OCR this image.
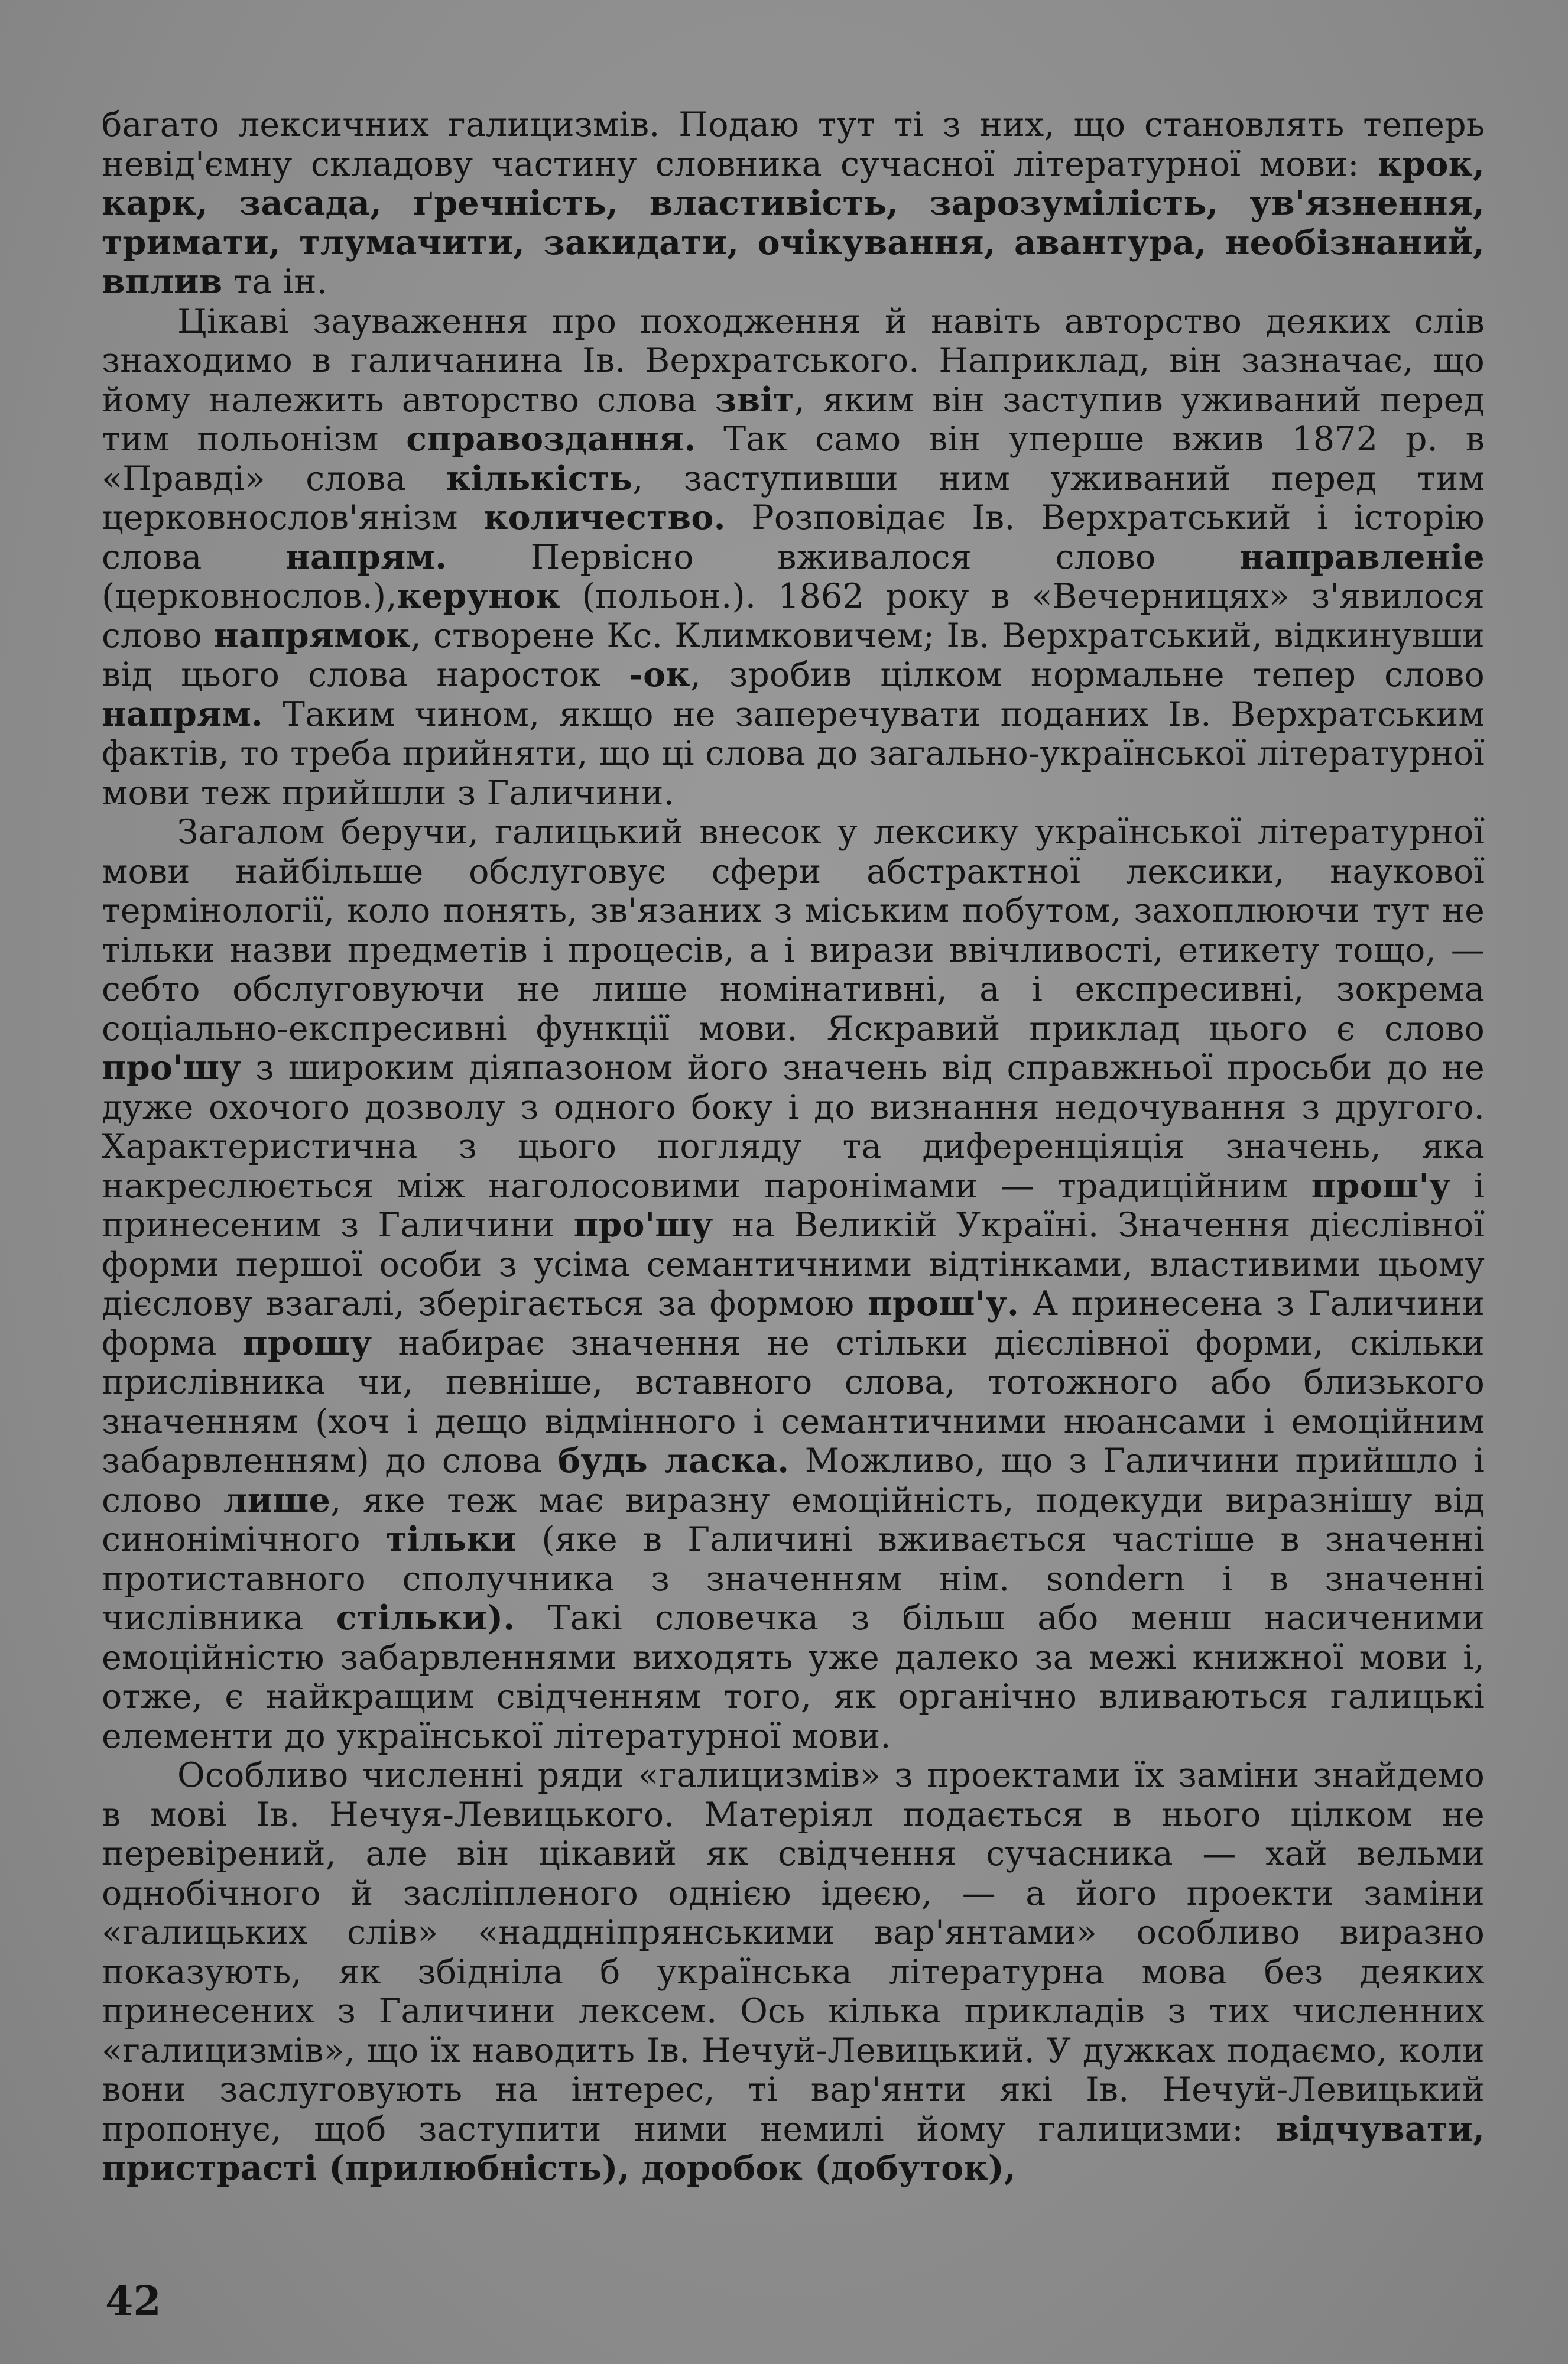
багато лексичних галицизмів. Подаю тут ті з них, що становлять теперь невід'ємну складову частину словника сучасної літературної мови: крок, карк, засада, ґречність, властивість, зарозумілість, ув'язнення, тримати, тлумачити, закидати, очікування, авантура, необізнаний, вплив та ін.

Цікаві зауваження про походження й навіть авторство деяких слів знаходимо в галичанина Ів. Верхратського. Наприклад, він зазначає, що йому належить авторство слова звіт, яким він заступив уживаний перед тим польонізм справоздання. Так само він уперше вжив 1872 р. в «Правді» слова кількість, заступивши ним уживаний перед тим церковнослов'янізм количество. Розповідає Ів. Верхратський і історію слова напрям. Первісно вживалося слово направленіе (церковнослов.),керунок (польон.). 1862 року в «Вечерницях» з'явилося слово напрямок, створене Кс. Климковичем; Ів. Верхратський, відкинувши від цього слова наросток -ок, зробив цілком нормальне тепер слово напрям. Таким чином, якщо не заперечувати поданих Ів. Верхратським фактів, то треба прийняти, що ці слова до загально-української літературної мови теж прийшли з Галичини.

Загалом беручи, галицький внесок у лексику української літературної мови найбільше обслуговує сфери абстрактної лексики, наукової термінології, коло понять, зв'язаних з міським побутом, захоплюючи тут не тільки назви предметів і процесів, а і вирази ввічливості, етикету тощо, — себто обслуговуючи не лише номінативні, а і експресивні, зокрема соціально-експресивні функції мови. Яскравий приклад цього є слово про'шу з широким діяпазоном його значень від справжньої просьби до не дуже охочого дозволу з одного боку і до визнання недочування з другого. Характеристична з цього погляду та диференціяція значень, яка накреслюється між наголосовими паронімами — традиційним прош'у і принесеним з Галичини про'шу на Великій Україні. Значення дієслівної форми першої особи з усіма семантичними відтінками, властивими цьому дієслову взагалі, зберігається за формою прош'у. А принесена з Галичини форма прошу набирає значення не стільки дієслівної форми, скільки прислівника чи, певніше, вставного слова, тотожного або близького значенням (хоч і дещо відмінного і семантичними нюансами і емоційним забарвленням) до слова будь ласка. Можливо, що з Галичини прийшло і слово лише, яке теж має виразну емоційність, подекуди виразнішу від синонімічного тільки (яке в Галичині вживається частіше в значенні протиставного сполучника з значенням нім. sondern і в значенні числівника стільки). Такі словечка з більш або менш насиченими емоційністю забарвленнями виходять уже далеко за межі книжної мови і, отже, є найкращим свідченням того, як органічно вливаються галицькі елементи до української літературної мови.

Особливо численні ряди «галицизмів» з проектами їх заміни знайдемо в мові Ів. Нечуя-Левицького. Матеріял подається в нього цілком не перевірений, але він цікавий як свідчення сучасника — хай вельми однобічного й засліпленого однією ідеєю, — а його проекти заміни «галицьких слів» «наддніпрянськими вар'янтами» особливо виразно показують, як збідніла б українська літературна мова без деяких принесених з Галичини лексем. Ось кілька прикладів з тих численних «галицизмів», що їх наводить Ів. Нечуй-Левицький. У дужках подаємо, коли вони заслуговують на інтерес, ті вар'янти які Ів. Нечуй-Левицький пропонує, щоб заступити ними немилі йому галицизми: відчувати, пристрасті (прилюбність), доробок (добуток),

42
